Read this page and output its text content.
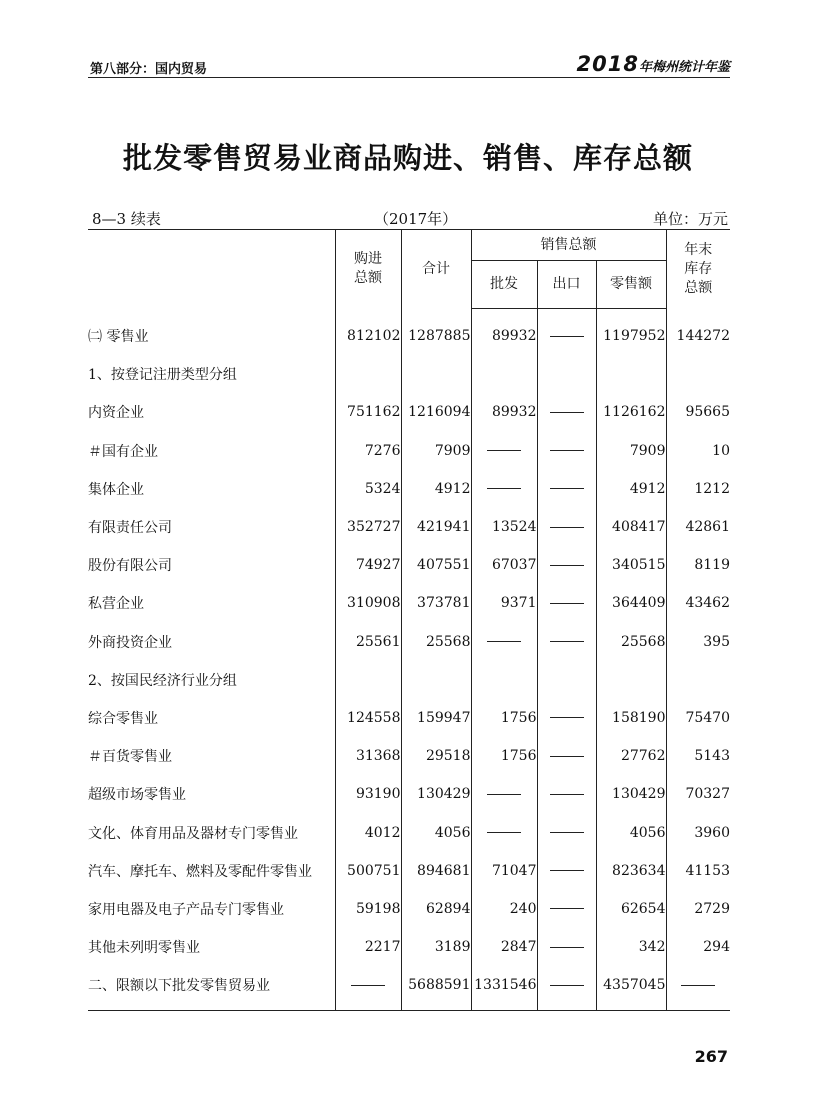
第八部分：国内贸易	2018年梅州统计年鉴
批发零售贸易业商品购进、销售、库存总额
8—3 续表	（2017年）	单位：万元
	购进总额	合计	销售总额			年末库存总额
			批发	出口	零售额	
㈡ 零售业	812102	1287885	89932		1197952	144272
1、按登记注册类型分组						
内资企业	751162	1216094	89932		1126162	95665
＃国有企业	7276	7909			7909	10
集体企业	5324	4912			4912	1212
有限责任公司	352727	421941	13524		408417	42861
股份有限公司	74927	407551	67037		340515	8119
私营企业	310908	373781	9371		364409	43462
外商投资企业	25561	25568			25568	395
2、按国民经济行业分组						
综合零售业	124558	159947	1756		158190	75470
＃百货零售业	31368	29518	1756		27762	5143
超级市场零售业	93190	130429			130429	70327
文化、体育用品及器材专门零售业	4012	4056			4056	3960
汽车、摩托车、燃料及零配件零售业	500751	894681	71047		823634	41153
家用电器及电子产品专门零售业	59198	62894	240		62654	2729
其他未列明零售业	2217	3189	2847		342	294
二、限额以下批发零售贸易业		5688591	1331546		4357045	
267
